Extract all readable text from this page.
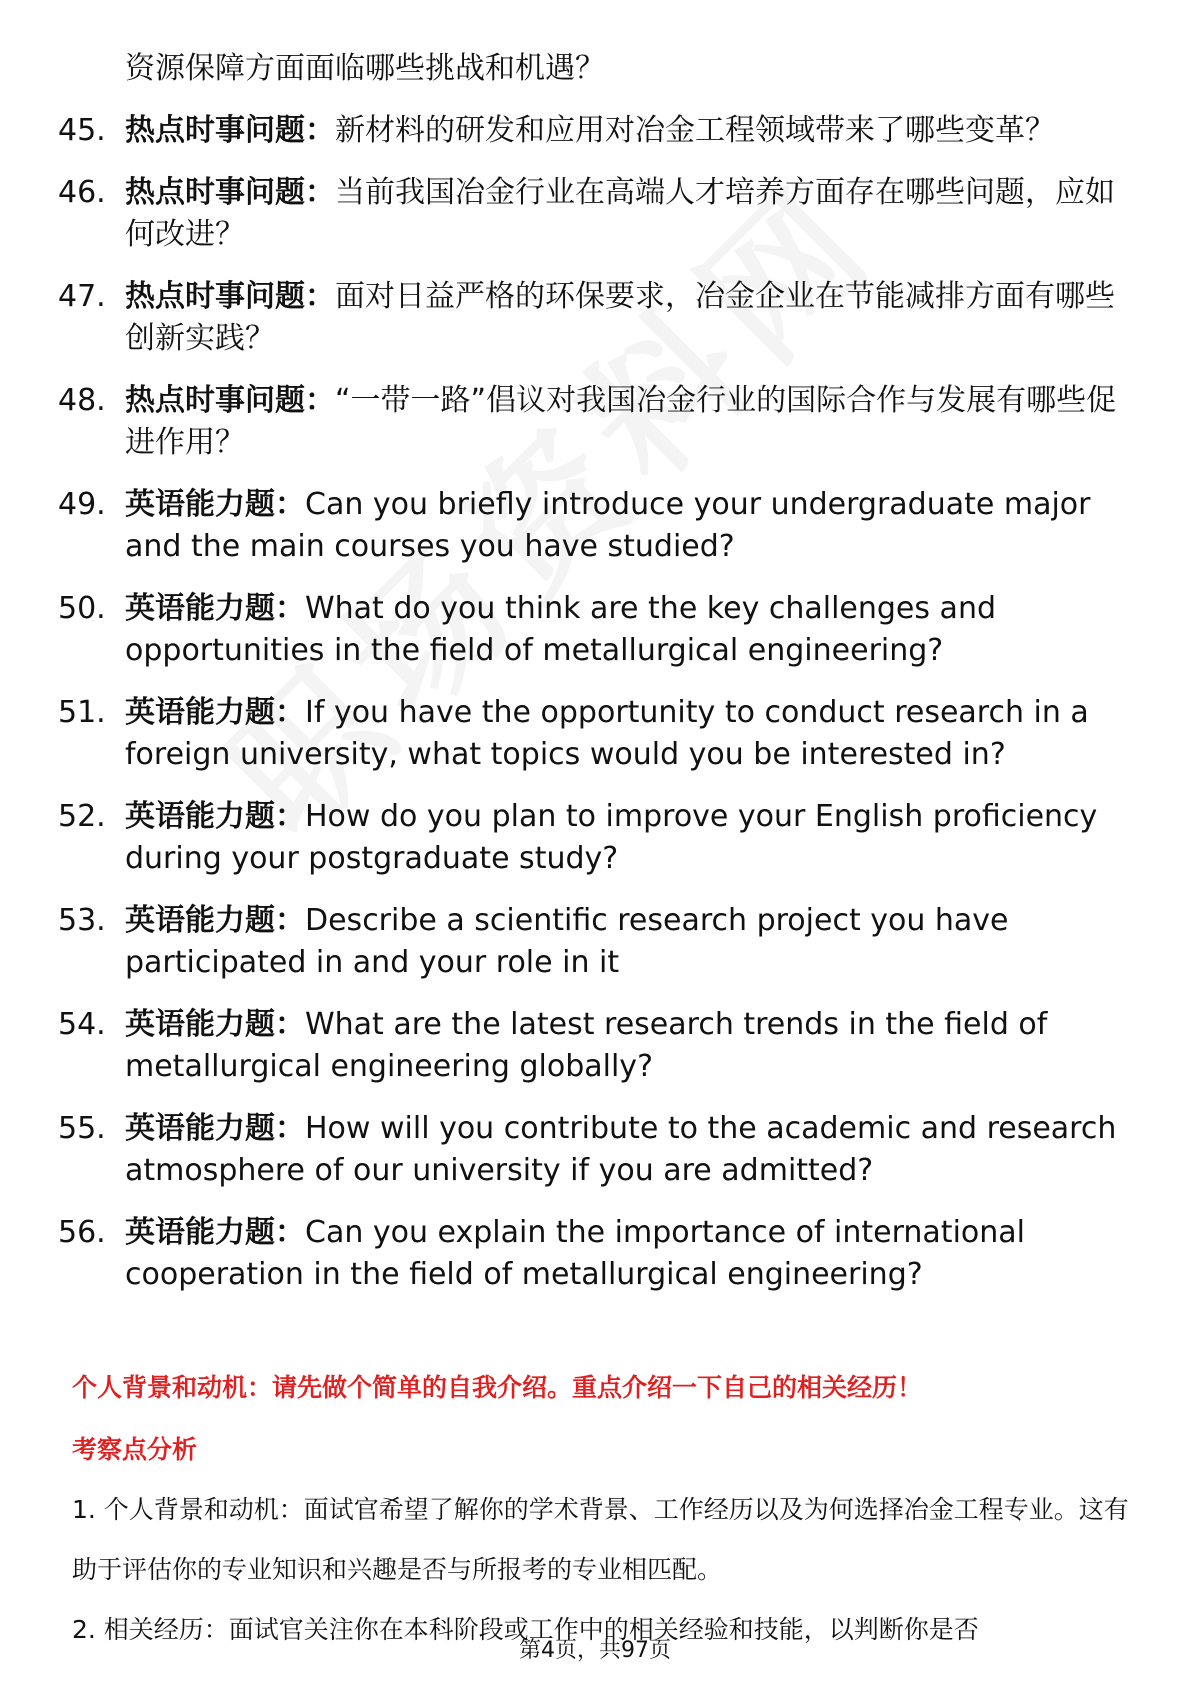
资源保障方面面临哪些挑战和机遇？
45. 热点时事问题：新材料的研发和应用对冶金工程领域带来了哪些变革？
46. 热点时事问题：当前我国冶金行业在高端人才培养方面存在哪些问题，应如何改进？
47. 热点时事问题：面对日益严格的环保要求，冶金企业在节能减排方面有哪些创新实践？
48. 热点时事问题：“一带一路”倡议对我国冶金行业的国际合作与发展有哪些促进作用？
49. 英语能力题：Can you briefly introduce your undergraduate major and the main courses you have studied?
50. 英语能力题：What do you think are the key challenges and opportunities in the field of metallurgical engineering?
51. 英语能力题：If you have the opportunity to conduct research in a foreign university, what topics would you be interested in?
52. 英语能力题：How do you plan to improve your English proficiency during your postgraduate study?
53. 英语能力题：Describe a scientific research project you have participated in and your role in it
54. 英语能力题：What are the latest research trends in the field of metallurgical engineering globally?
55. 英语能力题：How will you contribute to the academic and research atmosphere of our university if you are admitted?
56. 英语能力题：Can you explain the importance of international cooperation in the field of metallurgical engineering?
个人背景和动机：请先做个简单的自我介绍。重点介绍一下自己的相关经历！
考察点分析

1. 个人背景和动机：面试官希望了解你的学术背景、工作经历以及为何选择冶金工程专业。这有助于评估你的专业知识和兴趣是否与所报考的专业相匹配。

2. 相关经历：面试官关注你在本科阶段或工作中的相关经验和技能，以判断你是否

第4页，共97页
